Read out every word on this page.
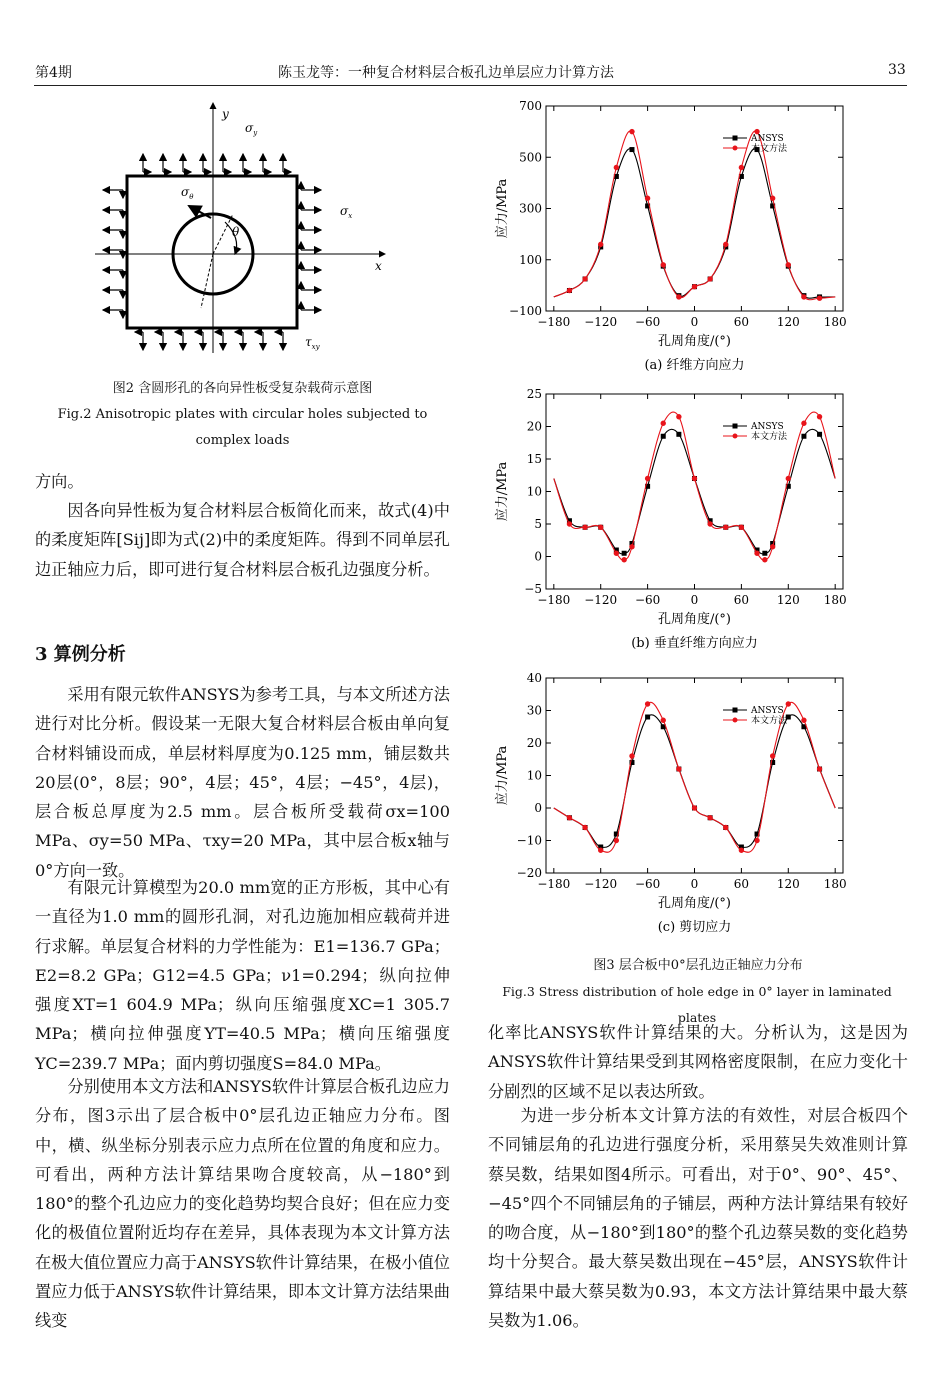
第4期	陈玉龙等：一种复合材料层合板孔边单层应力计算方法	33
y
x
$\sigma_y$
$\sigma_x$
$\sigma_\theta$
θ
$\tau_{xy}$
图2 含圆形孔的各向异性板受复杂载荷示意图
Fig.2 Anisotropic plates with circular holes subjected to
complex loads
方向。
因各向异性板为复合材料层合板简化而来，故式(4)中的柔度矩阵[Sij]即为式(2)中的柔度矩阵。得到不同单层孔边正轴应力后，即可进行复合材料层合板孔边强度分析。
3 算例分析
采用有限元软件ANSYS为参考工具，与本文所述方法进行对比分析。假设某一无限大复合材料层合板由单向复合材料铺设而成，单层材料厚度为0.125 mm，铺层数共20层(0°，8层；90°，4层；45°，4层；−45°，4层)，层合板总厚度为2.5 mm。层合板所受载荷σx=100 MPa、σy=50 MPa、τxy=20 MPa，其中层合板x轴与0°方向一致。
有限元计算模型为20.0 mm宽的正方形板，其中心有一直径为1.0 mm的圆形孔洞，对孔边施加相应载荷并进行求解。单层复合材料的力学性能为：E1=136.7 GPa；E2=8.2 GPa；G12=4.5 GPa；ν1=0.294；纵向拉伸强度XT=1 604.9 MPa；纵向压缩强度XC=1 305.7 MPa；横向拉伸强度YT=40.5 MPa；横向压缩强度YC=239.7 MPa；面内剪切强度S=84.0 MPa。
分别使用本文方法和ANSYS软件计算层合板孔边应力分布，图3示出了层合板中0°层孔边正轴应力分布。图中，横、纵坐标分别表示应力点所在位置的角度和应力。可看出，两种方法计算结果吻合度较高，从−180°到180°的整个孔边应力的变化趋势均契合良好；但在应力变化的极值位置附近均存在差异，具体表现为本文计算方法在极大值位置应力高于ANSYS软件计算结果，在极小值位置应力低于ANSYS软件计算结果，即本文计算方法结果曲线变
−180 −120 −60	0	60 120 180
−100
100
300
500
700
孔周角度/(°)
应力/MPa
(a) 纤维方向应力
ANSYS
本文方法
−180 −120 −60	0	60 120 180
−5
0
5
10
15
20
25
孔周角度/(°)
应力/MPa
(b) 垂直纤维方向应力
ANSYS
本文方法
−180 −120 −60	0	60 120 180
−20
−10
0
10
20
30
40
孔周角度/(°)
应力/MPa
(c) 剪切应力
ANSYS
本文方法
图3 层合板中0°层孔边正轴应力分布
Fig.3 Stress distribution of hole edge in 0° layer in laminated plates
化率比ANSYS软件计算结果的大。分析认为，这是因为ANSYS软件计算结果受到其网格密度限制，在应力变化十分剧烈的区域不足以表达所致。
为进一步分析本文计算方法的有效性，对层合板四个不同铺层角的孔边进行强度分析，采用蔡吴失效准则计算蔡吴数，结果如图4所示。可看出，对于0°、90°、45°、−45°四个不同铺层角的子铺层，两种方法计算结果有较好的吻合度，从−180°到180°的整个孔边蔡吴数的变化趋势均十分契合。最大蔡吴数出现在−45°层，ANSYS软件计算结果中最大蔡吴数为0.93，本文方法计算结果中最大蔡吴数为1.06。
